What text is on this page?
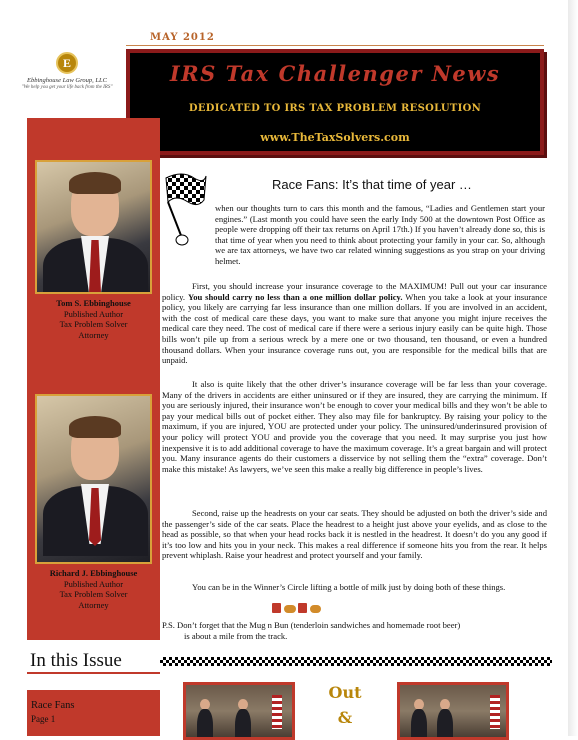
E
Ebbinghouse Law Group, LLC
"We help you get your life back from the IRS"
MAY 2012
IRS Tax Challenger News
DEDICATED TO IRS TAX PROBLEM RESOLUTION
www.TheTaxSolvers.com
Tom S. Ebbinghouse
Published Author
Tax Problem Solver
Attorney
Richard J. Ebbinghouse
Published Author
Tax Problem Solver
Attorney
In this Issue
Race Fans
Page 1
Race Fans: It’s that time of year …
when our thoughts turn to cars this month and the famous, “Ladies and Gentlemen start your engines.” (Last month you could have seen the early Indy 500 at the downtown Post Office as people were dropping off their tax returns on April 17th.) If you haven’t already done so, this is that time of year when you need to think about protecting your family in your car. So, although we are tax attorneys, we have two car related winning suggestions as you strap on your driving helmet.
First, you should increase your insurance coverage to the MAXIMUM! Pull out your car insurance policy. You should carry no less than a one million dollar policy. When you take a look at your insurance policy, you likely are carrying far less insurance than one million dollars. If you are involved in an accident, with the cost of medical care these days, you want to make sure that anyone you might injure receives the medical care they need. The cost of medical care if there were a serious injury easily can be quite high. Those bills won’t pile up from a serious wreck by a mere one or two thousand, ten thousand, or even a hundred thousand dollars. When your insurance coverage runs out, you are responsible for the medical bills that are unpaid.
It also is quite likely that the other driver’s insurance coverage will be far less than your coverage. Many of the drivers in accidents are either uninsured or if they are insured, they are carrying the minimum. If you are seriously injured, their insurance won’t be enough to cover your medical bills and they won’t be able to pay your medical bills out of pocket either. They also may file for bankruptcy. By raising your policy to the maximum, if you are injured, YOU are protected under your policy. The uninsured/underinsured provision of your policy will protect YOU and provide you the coverage that you need. It may surprise you just how inexpensive it is to add additional coverage to have the maximum coverage. It’s a great bargain and will protect you. Many insurance agents do their customers a disservice by not selling them the “extra” coverage. Don’t make this mistake! As lawyers, we’ve seen this make a really big difference in people’s lives.
Second, raise up the headrests on your car seats. They should be adjusted on both the driver’s side and the passenger’s side of the car seats. Place the headrest to a height just above your eyelids, and as close to the head as possible, so that when your head rocks back it is nestled in the headrest. It doesn’t do you any good if it’s too low and hits you in your neck. This makes a real difference if someone hits you from the rear. It helps prevent whiplash. Raise your headrest and protect yourself and your family.
You can be in the Winner’s Circle lifting a bottle of milk just by doing both of these things.
P.S. Don’t forget that the Mug n Bun (tenderloin sandwiches and homemade root beer)
is about a mile from the track.
Out
&
